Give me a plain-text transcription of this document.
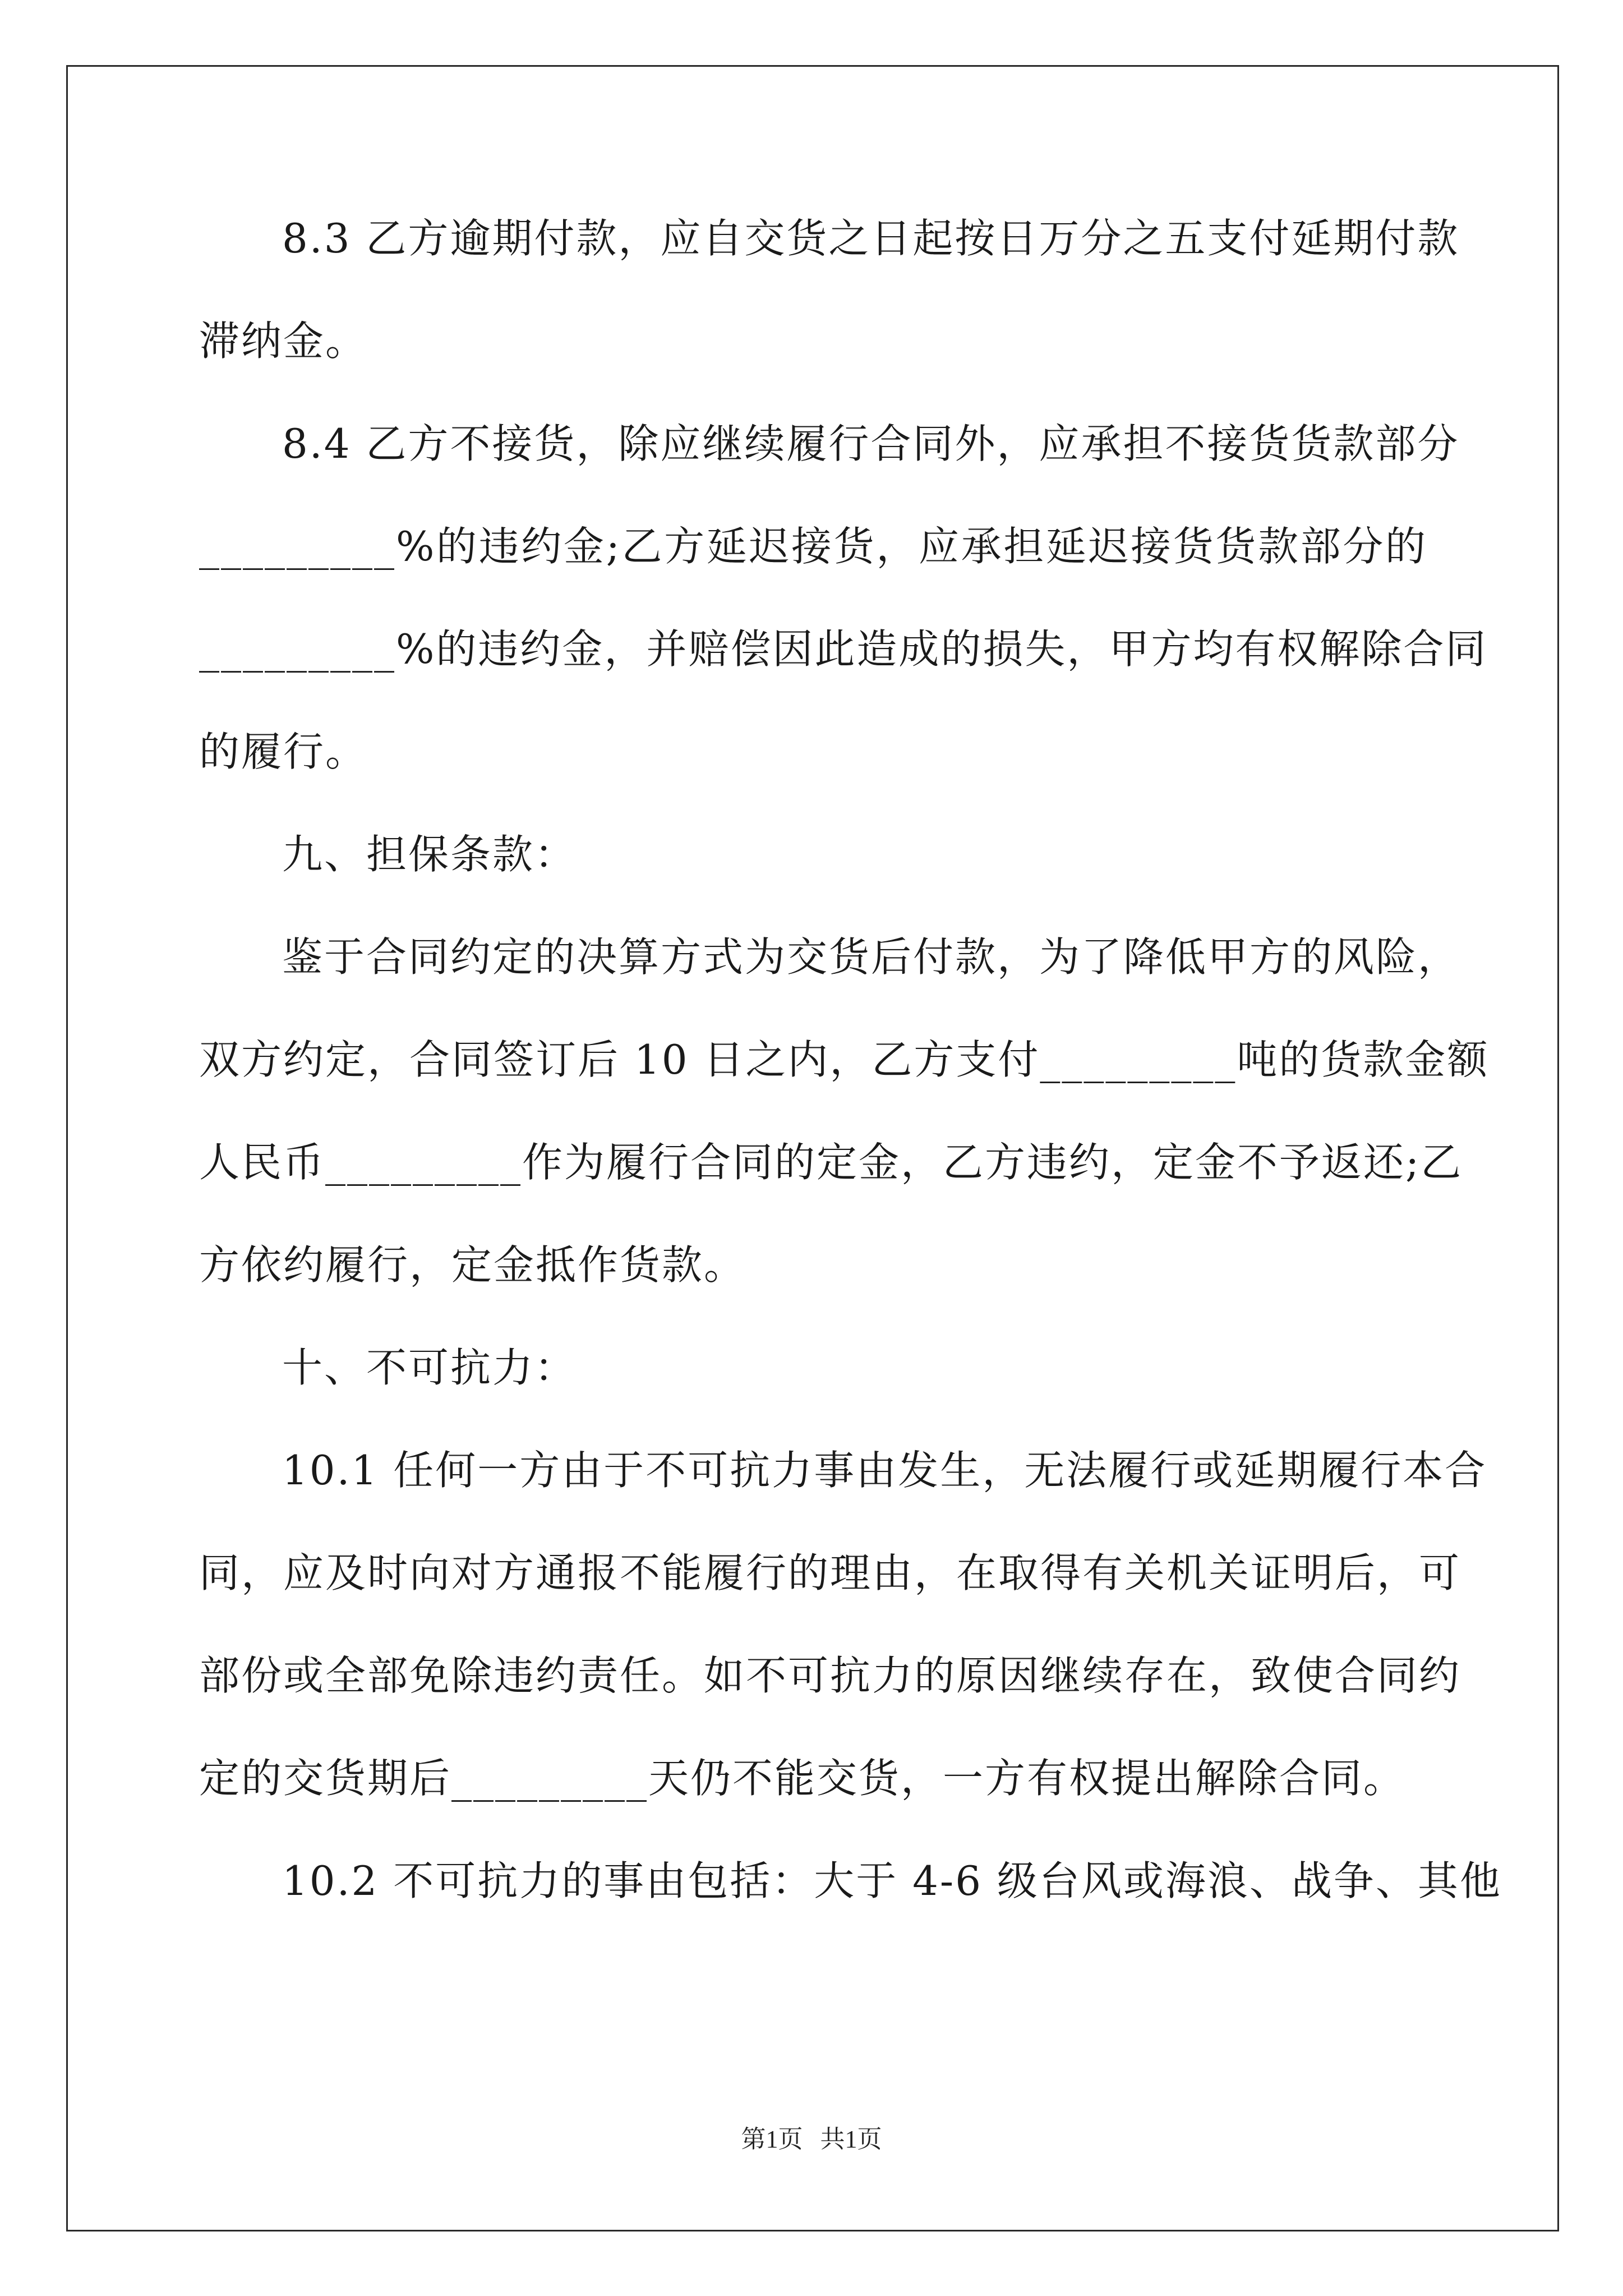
8.3 乙方逾期付款，应自交货之日起按日万分之五支付延期付款
滞纳金。
8.4 乙方不接货，除应继续履行合同外，应承担不接货货款部分
_________%的违约金;乙方延迟接货，应承担延迟接货货款部分的
_________%的违约金，并赔偿因此造成的损失，甲方均有权解除合同
的履行。
九、担保条款：
鉴于合同约定的决算方式为交货后付款，为了降低甲方的风险，
双方约定，合同签订后 10 日之内，乙方支付_________吨的货款金额
人民币_________作为履行合同的定金，乙方违约，定金不予返还;乙
方依约履行，定金抵作货款。
十、不可抗力：
10.1 任何一方由于不可抗力事由发生，无法履行或延期履行本合
同，应及时向对方通报不能履行的理由，在取得有关机关证明后，可
部份或全部免除违约责任。如不可抗力的原因继续存在，致使合同约
定的交货期后_________天仍不能交货，一方有权提出解除合同。
10.2 不可抗力的事由包括：大于 4-6 级台风或海浪、战争、其他
第1页 共1页
